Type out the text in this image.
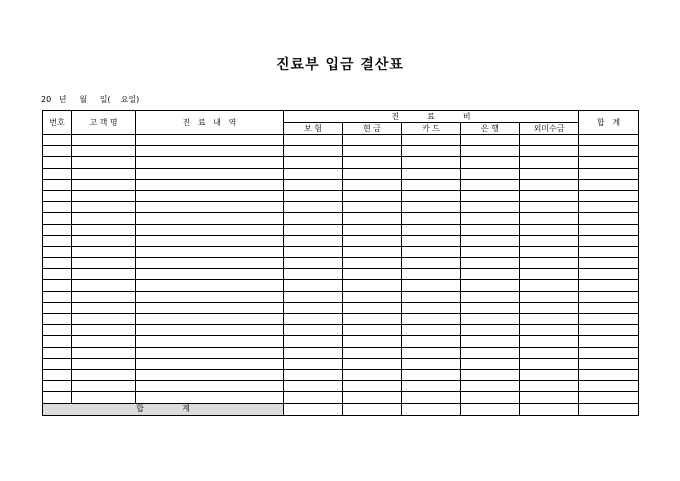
진료부 입금 결산표
20   년     월     일(    요일)
번호	고 객 명	진   료   내   역	진           료           비					합   계
			보 험	현 금	카 드	은 행	외미수금	

합               계								
